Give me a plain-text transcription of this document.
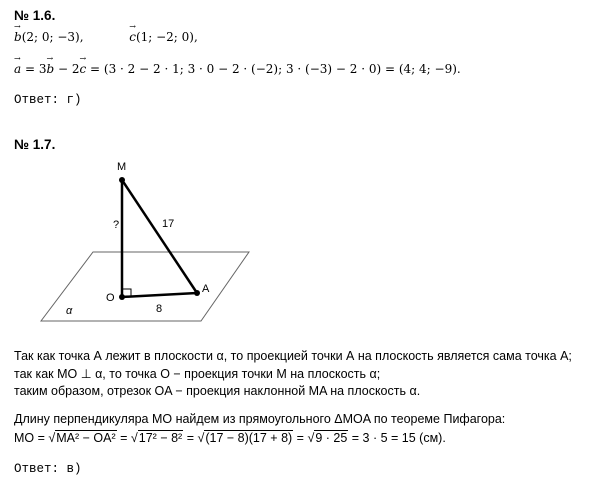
№ 1.6.
→ b(2; 0; −3),  →	c(1; −2; 0),
→ a = 3→ b − 2→ c = (3 · 2 − 2 · 1; 3 · 0 − 2 · (−2); 3 · (−3) − 2 · 0) = (4; 4; −9).
Ответ: г)
№ 1.7.
M
O
A
?	17
8
α
Так как точка А лежит в плоскости α, то проекцией точки А на плоскость является сама точка А;
так как MO ⊥ α, то точка O − проекция точки М на плоскость α;
таким образом, отрезок OA − проекция наклонной MA на плоскость α.
Длину перпендикуляра MO найдем из прямоугольного ΔMOA по теореме Пифагора:
MO = √MA² − OA² = √17² − 8² = √(17 − 8)(17 + 8) = √9 · 25 = 3 · 5 = 15 (см).
Ответ: в)
